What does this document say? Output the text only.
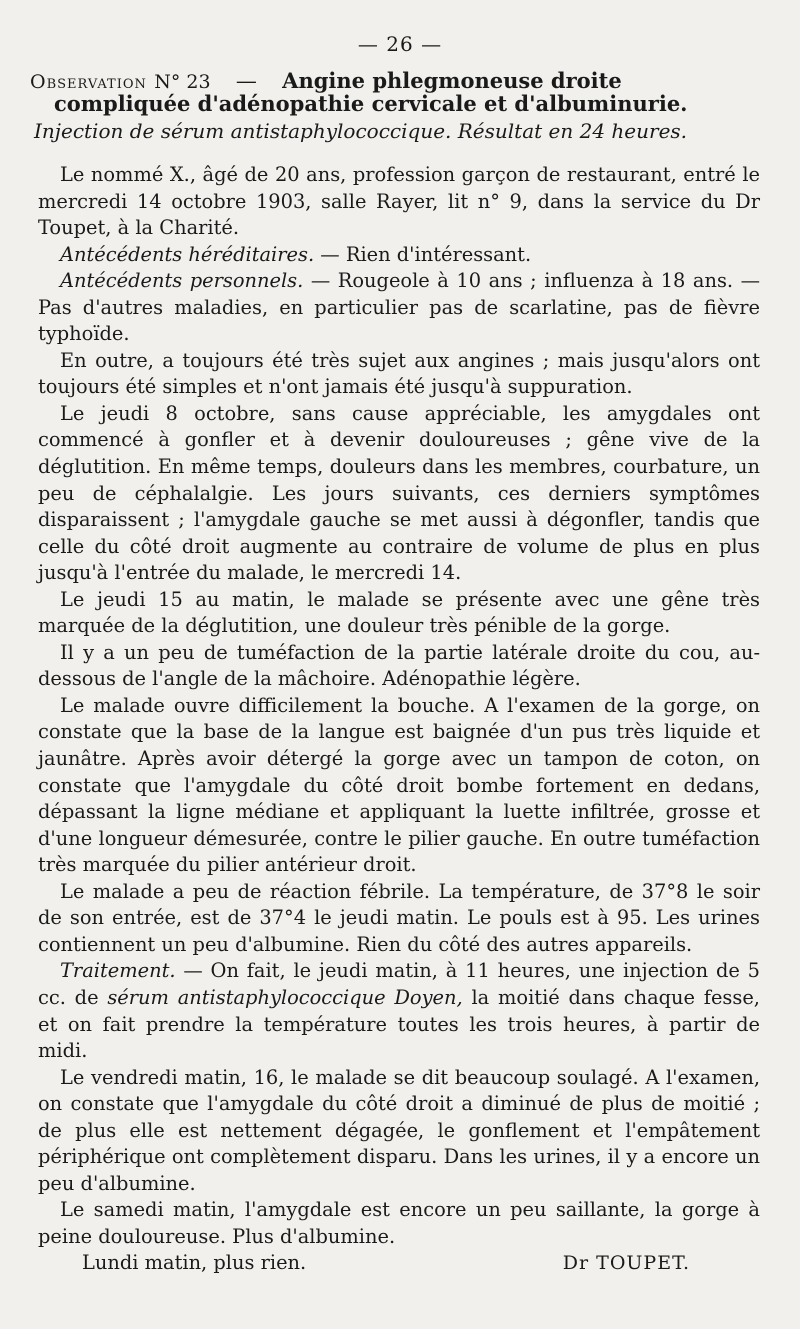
— 26 —
Observation N° 23 — Angine phlegmoneuse droite
compliquée d'adénopathie cervicale et d'albuminurie.
Injection de sérum antistaphylococcique. Résultat en 24 heures.

Le nommé X., âgé de 20 ans, profession garçon de restaurant, entré le mercredi 14 octobre 1903, salle Rayer, lit n° 9, dans la service du Dr Toupet, à la Charité.

Antécédents héréditaires. — Rien d'intéressant.

Antécédents personnels. — Rougeole à 10 ans ; influenza à 18 ans. — Pas d'autres maladies, en particulier pas de scarlatine, pas de fièvre typhoïde.

En outre, a toujours été très sujet aux angines ; mais jusqu'alors ont toujours été simples et n'ont jamais été jusqu'à suppuration.

Le jeudi 8 octobre, sans cause appréciable, les amygdales ont commencé à gonfler et à devenir douloureuses ; gêne vive de la déglutition. En même temps, douleurs dans les membres, courbature, un peu de céphalalgie. Les jours suivants, ces derniers symptômes disparaissent ; l'amygdale gauche se met aussi à dégonfler, tandis que celle du côté droit augmente au contraire de volume de plus en plus jusqu'à l'entrée du malade, le mercredi 14.

Le jeudi 15 au matin, le malade se présente avec une gêne très marquée de la déglutition, une douleur très pénible de la gorge.

Il y a un peu de tuméfaction de la partie latérale droite du cou, au-dessous de l'angle de la mâchoire. Adénopathie légère.

Le malade ouvre difficilement la bouche. A l'examen de la gorge, on constate que la base de la langue est baignée d'un pus très liquide et jaunâtre. Après avoir détergé la gorge avec un tampon de coton, on constate que l'amygdale du côté droit bombe fortement en dedans, dépassant la ligne médiane et appliquant la luette infiltrée, grosse et d'une longueur démesurée, contre le pilier gauche. En outre tuméfaction très marquée du pilier antérieur droit.

Le malade a peu de réaction fébrile. La température, de 37°8 le soir de son entrée, est de 37°4 le jeudi matin. Le pouls est à 95. Les urines contiennent un peu d'albumine. Rien du côté des autres appareils.

Traitement. — On fait, le jeudi matin, à 11 heures, une injection de 5 cc. de sérum antistaphylococcique Doyen, la moitié dans chaque fesse, et on fait prendre la température toutes les trois heures, à partir de midi.

Le vendredi matin, 16, le malade se dit beaucoup soulagé. A l'examen, on constate que l'amygdale du côté droit a diminué de plus de moitié ; de plus elle est nettement dégagée, le gonflement et l'empâtement périphérique ont complètement disparu. Dans les urines, il y a encore un peu d'albumine.

Le samedi matin, l'amygdale est encore un peu saillante, la gorge à peine douloureuse. Plus d'albumine.

Lundi matin, plus rien.	Dr TOUPET.
